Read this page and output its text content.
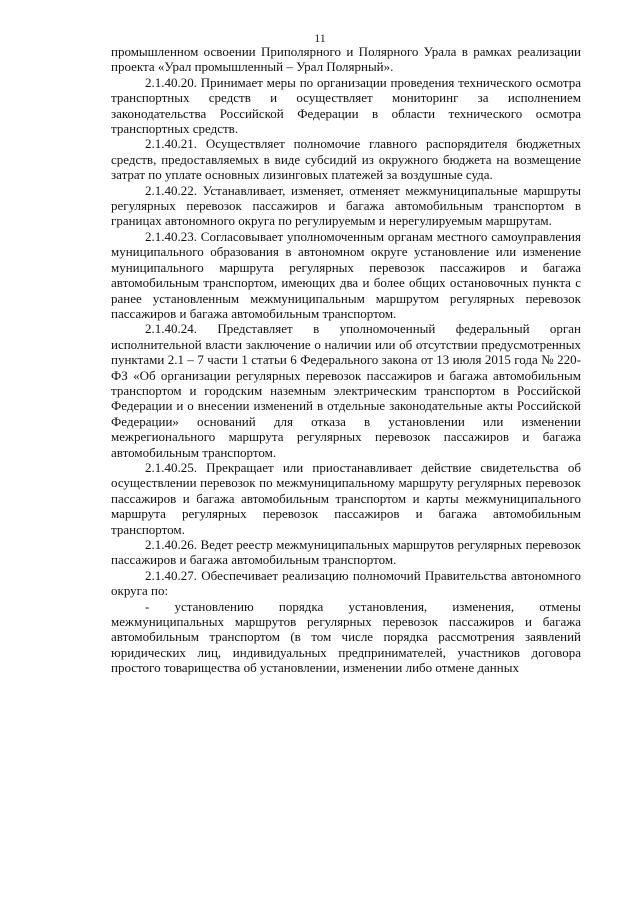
11

промышленном освоении Приполярного и Полярного Урала в рамках реализации проекта «Урал промышленный – Урал Полярный».

2.1.40.20. Принимает меры по организации проведения технического осмотра транспортных средств и осуществляет мониторинг за исполнением законодательства Российской Федерации в области технического осмотра транспортных средств.

2.1.40.21. Осуществляет полномочие главного распорядителя бюджетных средств, предоставляемых в виде субсидий из окружного бюджета на возмещение затрат по уплате основных лизинговых платежей за воздушные суда.

2.1.40.22. Устанавливает, изменяет, отменяет межмуниципальные маршруты регулярных перевозок пассажиров и багажа автомобильным транспортом в границах автономного округа по регулируемым и нерегулируемым маршрутам.

2.1.40.23. Согласовывает уполномоченным органам местного самоуправления муниципального образования в автономном округе установление или изменение муниципального маршрута регулярных перевозок пассажиров и багажа автомобильным транспортом, имеющих два и более общих остановочных пункта с ранее установленным межмуниципальным маршрутом регулярных перевозок пассажиров и багажа автомобильным транспортом.

2.1.40.24. Представляет в уполномоченный федеральный орган исполнительной власти заключение о наличии или об отсутствии предусмотренных пунктами 2.1 – 7 части 1 статьи 6 Федерального закона от 13 июля 2015 года № 220-ФЗ «Об организации регулярных перевозок пассажиров и багажа автомобильным транспортом и городским наземным электрическим транспортом в Российской Федерации и о внесении изменений в отдельные законодательные акты Российской Федерации» оснований для отказа в установлении или изменении межрегионального маршрута регулярных перевозок пассажиров и багажа автомобильным транспортом.

2.1.40.25. Прекращает или приостанавливает действие свидетельства об осуществлении перевозок по межмуниципальному маршруту регулярных перевозок пассажиров и багажа автомобильным транспортом и карты межмуниципального маршрута регулярных перевозок пассажиров и багажа автомобильным транспортом.

2.1.40.26. Ведет реестр межмуниципальных маршрутов регулярных перевозок пассажиров и багажа автомобильным транспортом.

2.1.40.27. Обеспечивает реализацию полномочий Правительства автономного округа по:

- установлению порядка установления, изменения, отмены межмуниципальных маршрутов регулярных перевозок пассажиров и багажа автомобильным транспортом (в том числе порядка рассмотрения заявлений юридических лиц, индивидуальных предпринимателей, участников договора простого товарищества об установлении, изменении либо отмене данных
